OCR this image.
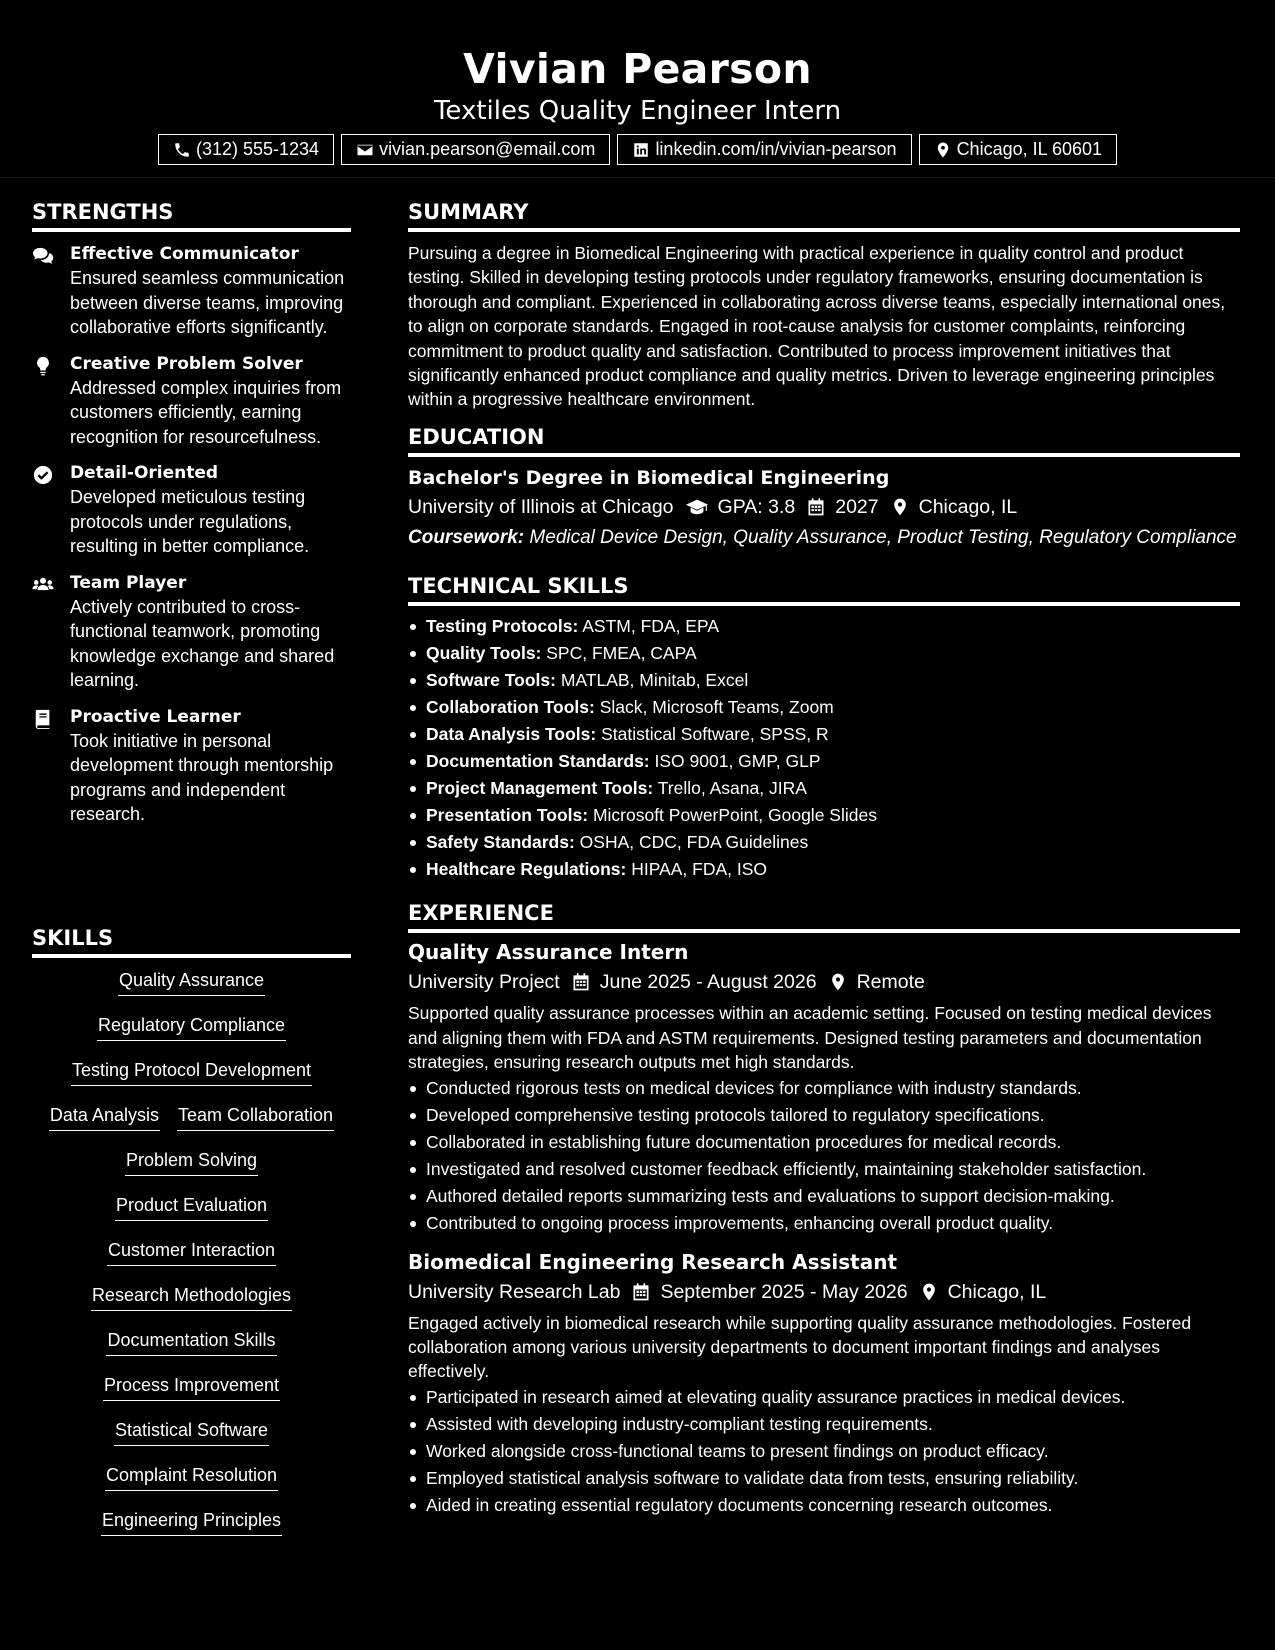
Vivian Pearson
Textiles Quality Engineer Intern
(312) 555-1234	vivian.pearson@email.com	linkedin.com/in/vivian-pearson	Chicago, IL 60601
STRENGTHS
Effective Communicator
Ensured seamless communication between diverse teams, improving collaborative efforts significantly.
Creative Problem Solver
Addressed complex inquiries from customers efficiently, earning recognition for resourcefulness.
Detail-Oriented
Developed meticulous testing protocols under regulations, resulting in better compliance.
Team Player
Actively contributed to cross-functional teamwork, promoting knowledge exchange and shared learning.
Proactive Learner
Took initiative in personal development through mentorship programs and independent research.
SKILLS
Quality Assurance
Regulatory Compliance
Testing Protocol Development
Data Analysis Team Collaboration
Problem Solving
Product Evaluation
Customer Interaction
Research Methodologies
Documentation Skills
Process Improvement
Statistical Software
Complaint Resolution
Engineering Principles
SUMMARY
Pursuing a degree in Biomedical Engineering with practical experience in quality control and product testing. Skilled in developing testing protocols under regulatory frameworks, ensuring documentation is thorough and compliant. Experienced in collaborating across diverse teams, especially international ones, to align on corporate standards. Engaged in root-cause analysis for customer complaints, reinforcing commitment to product quality and satisfaction. Contributed to process improvement initiatives that significantly enhanced product compliance and quality metrics. Driven to leverage engineering principles within a progressive healthcare environment.
EDUCATION
Bachelor's Degree in Biomedical Engineering
University of Illinois at Chicago GPA: 3.8 2027 Chicago, IL
Coursework: Medical Device Design, Quality Assurance, Product Testing, Regulatory Compliance
TECHNICAL SKILLS
Testing Protocols: ASTM, FDA, EPA
Quality Tools: SPC, FMEA, CAPA
Software Tools: MATLAB, Minitab, Excel
Collaboration Tools: Slack, Microsoft Teams, Zoom
Data Analysis Tools: Statistical Software, SPSS, R
Documentation Standards: ISO 9001, GMP, GLP
Project Management Tools: Trello, Asana, JIRA
Presentation Tools: Microsoft PowerPoint, Google Slides
Safety Standards: OSHA, CDC, FDA Guidelines
Healthcare Regulations: HIPAA, FDA, ISO
EXPERIENCE
Quality Assurance Intern
University Project June 2025 - August 2026 Remote
Supported quality assurance processes within an academic setting. Focused on testing medical devices and aligning them with FDA and ASTM requirements. Designed testing parameters and documentation strategies, ensuring research outputs met high standards.
Conducted rigorous tests on medical devices for compliance with industry standards.
Developed comprehensive testing protocols tailored to regulatory specifications.
Collaborated in establishing future documentation procedures for medical records.
Investigated and resolved customer feedback efficiently, maintaining stakeholder satisfaction.
Authored detailed reports summarizing tests and evaluations to support decision-making.
Contributed to ongoing process improvements, enhancing overall product quality.
Biomedical Engineering Research Assistant
University Research Lab September 2025 - May 2026 Chicago, IL
Engaged actively in biomedical research while supporting quality assurance methodologies. Fostered collaboration among various university departments to document important findings and analyses effectively.
Participated in research aimed at elevating quality assurance practices in medical devices.
Assisted with developing industry-compliant testing requirements.
Worked alongside cross-functional teams to present findings on product efficacy.
Employed statistical analysis software to validate data from tests, ensuring reliability.
Aided in creating essential regulatory documents concerning research outcomes.
